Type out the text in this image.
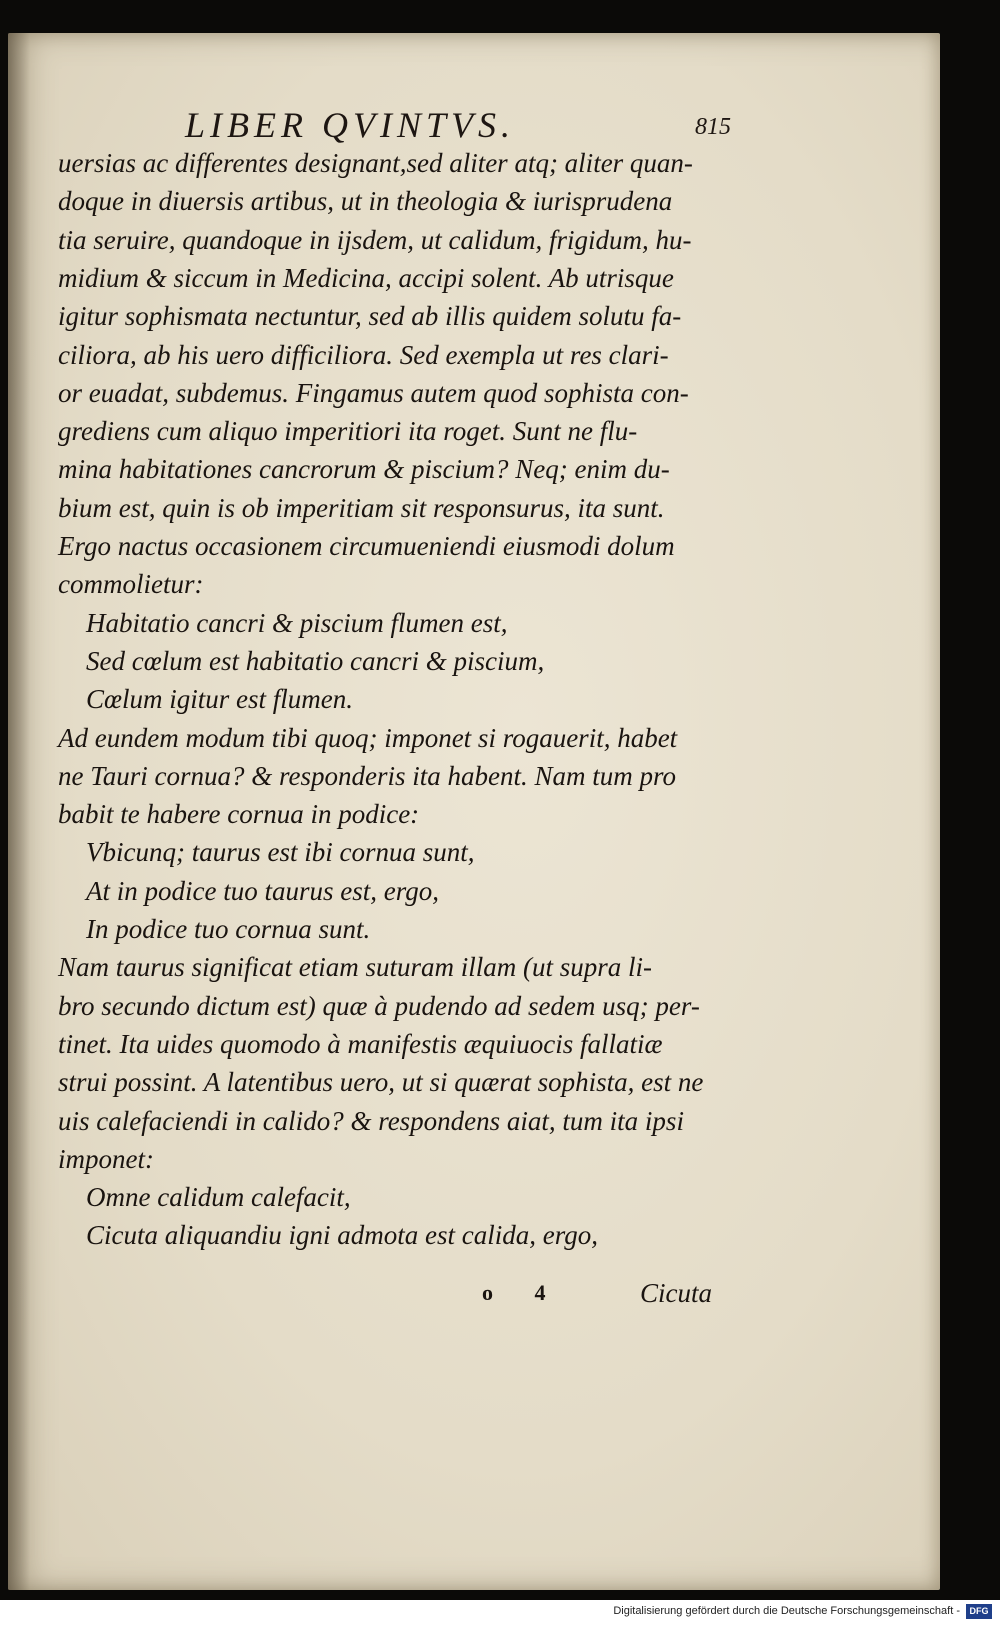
LIBER QVINTVS.	815
uersias ac differentes designant,sed aliter atq; aliter quan-
doque in diuersis artibus, ut in theologia & iurisprudena
tia seruire, quandoque in ijsdem, ut calidum, frigidum, hu-
midium & siccum in Medicina, accipi solent. Ab utrisque
igitur sophismata nectuntur, sed ab illis quidem solutu fa-
ciliora, ab his uero difficiliora. Sed exempla ut res clari-
or euadat, subdemus. Fingamus autem quod sophista con-
grediens cum aliquo imperitiori ita roget. Sunt ne flu-
mina habitationes cancrorum & piscium? Neq; enim du-
bium est, quin is ob imperitiam sit responsurus, ita sunt.
Ergo nactus occasionem circumueniendi eiusmodi dolum
commolietur:
Habitatio cancri & piscium flumen est,
Sed cœlum est habitatio cancri & piscium,
Cœlum igitur est flumen.
Ad eundem modum tibi quoq; imponet si rogauerit, habet
ne Tauri cornua? & responderis ita habent. Nam tum pro
babit te habere cornua in podice:
Vbicunq; taurus est ibi cornua sunt,
At in podice tuo taurus est, ergo,
In podice tuo cornua sunt.
Nam taurus significat etiam suturam illam (ut supra li-
bro secundo dictum est) quæ à pudendo ad sedem usq; per-
tinet. Ita uides quomodo à manifestis æquiuocis fallatiæ
strui possint. A latentibus uero, ut si quærat sophista, est ne
uis calefaciendi in calido? & respondens aiat, tum ita ipsi
imponet:
Omne calidum calefacit,
Cicuta aliquandiu igni admota est calida, ergo,
o 4	Cicuta
Digitalisierung gefördert durch die Deutsche Forschungsgemeinschaft -	DFG
